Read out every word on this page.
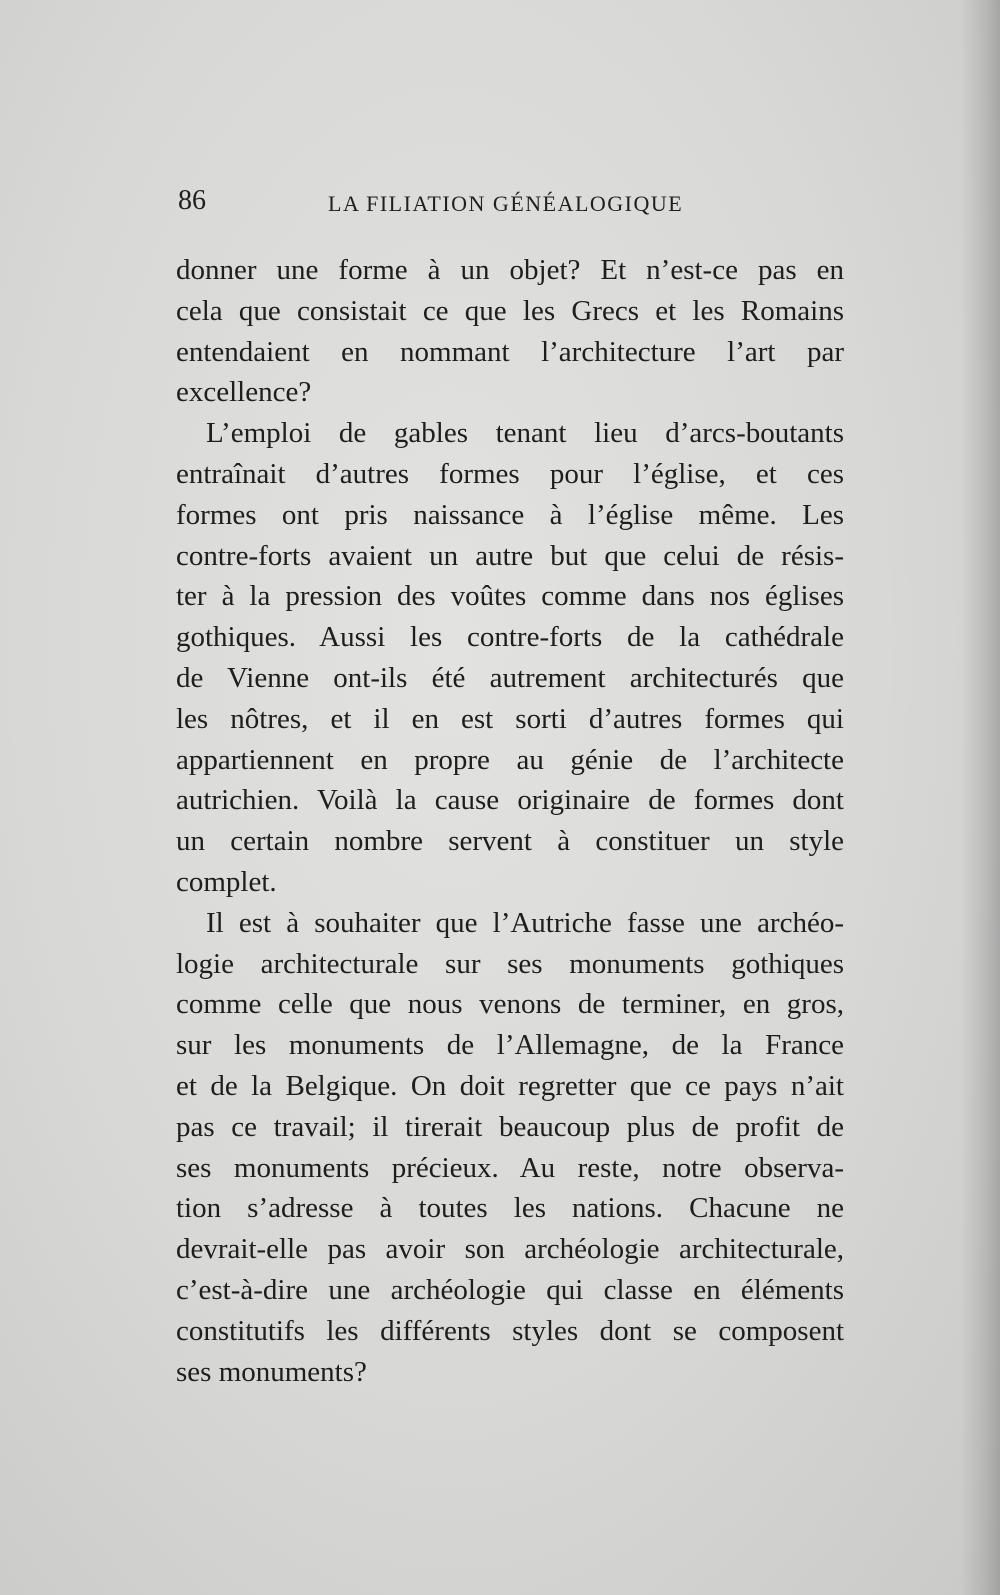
86	LA FILIATION GÉNÉALOGIQUE
donner une forme à un objet? Et n’est-ce pas en
cela que consistait ce que les Grecs et les Romains
entendaient en nommant l’architecture l’art par
excellence?
L’emploi de gables tenant lieu d’arcs-boutants
entraînait d’autres formes pour l’église, et ces
formes ont pris naissance à l’église même. Les
contre-forts avaient un autre but que celui de résis-
ter à la pression des voûtes comme dans nos églises
gothiques. Aussi les contre-forts de la cathédrale
de Vienne ont-ils été autrement architecturés que
les nôtres, et il en est sorti d’autres formes qui
appartiennent en propre au génie de l’architecte
autrichien. Voilà la cause originaire de formes dont
un certain nombre servent à constituer un style
complet.
Il est à souhaiter que l’Autriche fasse une archéo-
logie architecturale sur ses monuments gothiques
comme celle que nous venons de terminer, en gros,
sur les monuments de l’Allemagne, de la France
et de la Belgique. On doit regretter que ce pays n’ait
pas ce travail; il tirerait beaucoup plus de profit de
ses monuments précieux. Au reste, notre observa-
tion s’adresse à toutes les nations. Chacune ne
devrait-elle pas avoir son archéologie architecturale,
c’est-à-dire une archéologie qui classe en éléments
constitutifs les différents styles dont se composent
ses monuments?
